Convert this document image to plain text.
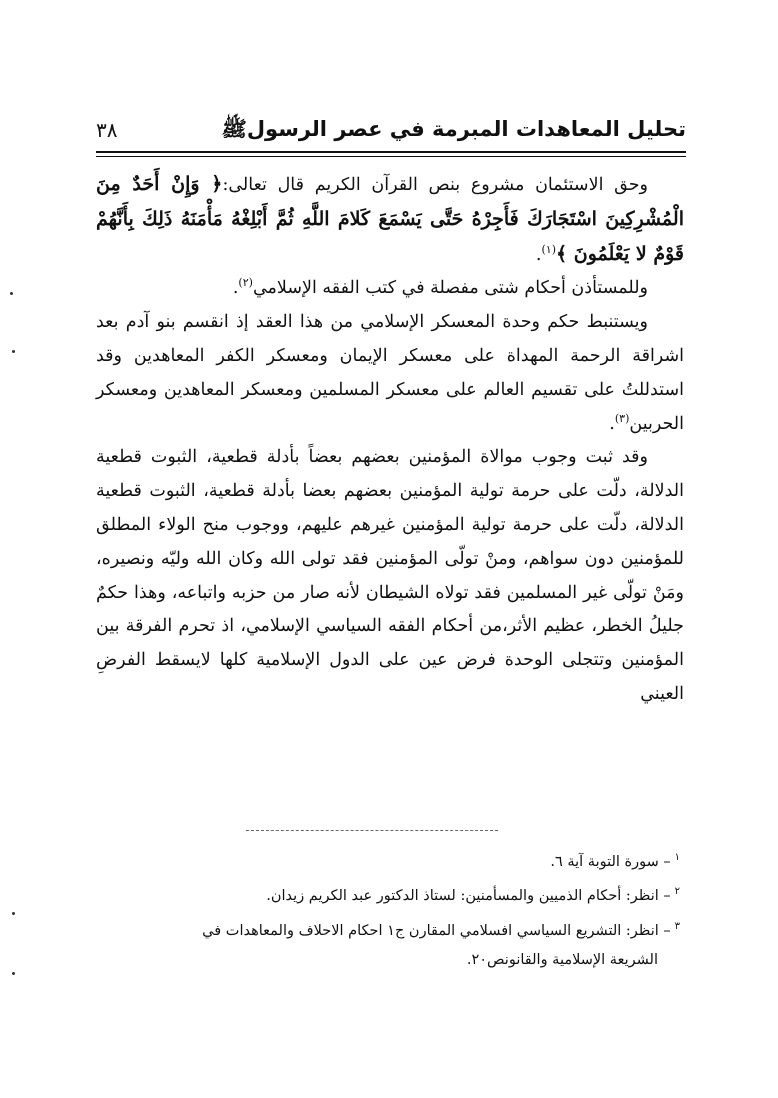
تحليل المعاهدات المبرمة في عصر الرسولﷺ
٣٨

وحق الاستئمان مشروع بنص القرآن الكريم قال تعالى:﴿ وَإِنْ أَحَدٌ مِنَ الْمُشْرِكِينَ اسْتَجَارَكَ فَأَجِرْهُ حَتَّى يَسْمَعَ كَلامَ اللَّهِ ثُمَّ أَبْلِغْهُ مَأْمَنَهُ ذَلِكَ بِأَنَّهُمْ قَوْمٌ لا يَعْلَمُونَ ﴾$^{(١)}$.

وللمستأذن أحكام شتى مفصلة في كتب الفقه الإسلامي$^{(٢)}$.

ويستنبط حكم وحدة المعسكر الإسلامي من هذا العقد إذ انقسم بنو آدم بعد اشراقة الرحمة المهداة على معسكر الإيمان ومعسكر الكفر المعاهدين وقد استدللتُ على تقسيم العالم على معسكر المسلمين ومعسكر المعاهدين ومعسكر الحربين$^{(٣)}$.

وقد ثبت وجوب موالاة المؤمنين بعضهم بعضاً بأدلة قطعية، الثبوت قطعية الدلالة، دلّت على حرمة تولية المؤمنين بعضهم بعضا بأدلة قطعية، الثبوت قطعية الدلالة، دلّت على حرمة تولية المؤمنين غيرهم عليهم، ووجوب منح الولاء المطلق للمؤمنين دون سواهم، ومنْ تولّى المؤمنين فقد تولى الله وكان الله وليّه ونصيره، ومَنْ تولّى غير المسلمين فقد تولاه الشيطان لأنه صار من حزبه واتباعه، وهذا حكمٌ جليلُ الخطر، عظيم الأثر،من أحكام الفقه السياسي الإسلامي، اذ تحرم الفرقة بين المؤمنين وتتجلى الوحدة فرض عين على الدول الإسلامية كلها لايسقط الفرضِ العيني

$^١$– سورة التوبة آية ٦.
$^٢$– انظر: أحكام الذميين والمسأمنين: لستاذ الدكتور عبد الكريم زيدان.
$^٣$– انظر: التشريع السياسي افسلامي المقارن ج١ احكام الاحلاف والمعاهدات في
الشريعة الإسلامية والقانونص٢٠.
